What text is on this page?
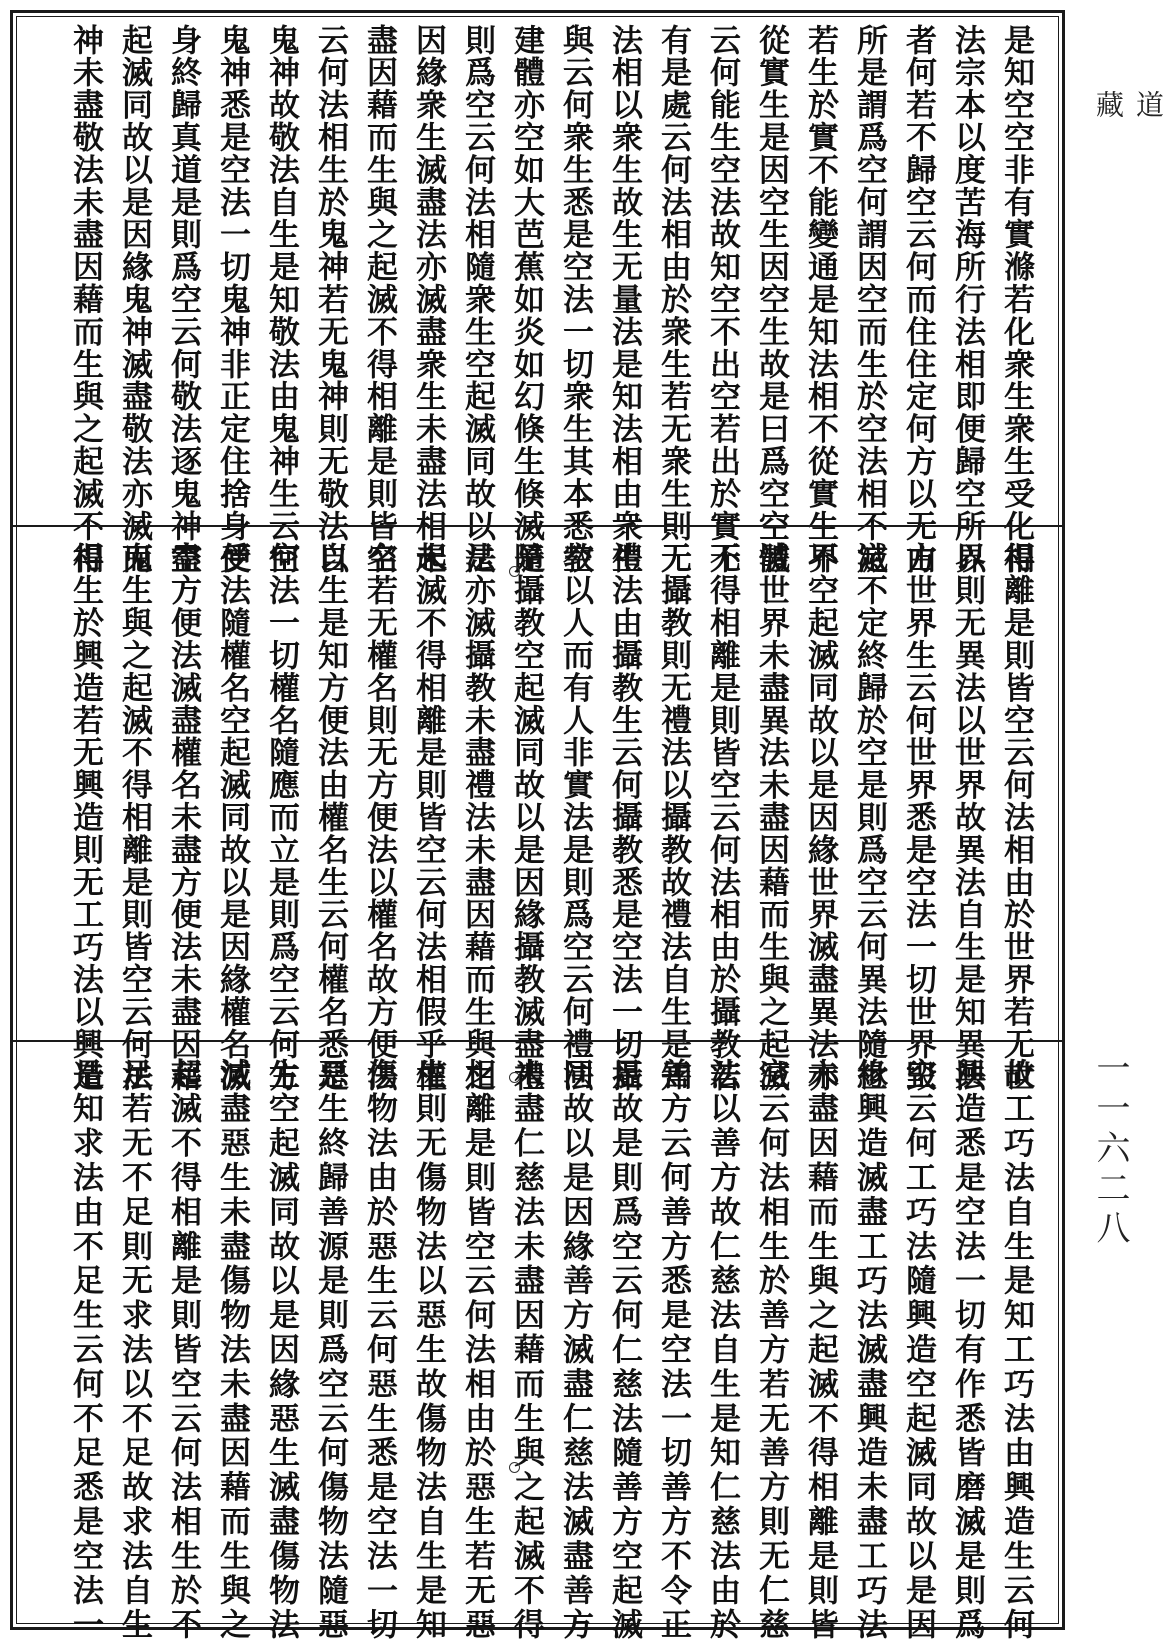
是知空空非有實滌若化衆生衆生受化得
法宗本以度苦海所行法相即便歸空所以
者何若不歸空云何而住住定何方以无方
所是謂爲空何謂因空而生於空法相不定
若生於實不能變通是知法相不從實生不
從實生是因空生因空生故是曰爲空空體
云何能生空法故知空不出空若出於實无
有是處云何法相由於衆生若无衆生則无
法相以衆生故生无量法是知法相由衆生
與云何衆生悉是空法一切衆生其本悉空
建體亦空如大芭蕉如炎如幻倏生倏滅是
則爲空云何法相隨衆生空起滅同故以是
因緣衆生滅盡法亦滅盡衆生未盡法相未
盡因藉而生與之起滅不得相離是則皆空
云何法相生於鬼神若无鬼神則无敬法以
鬼神故敬法自生是知敬法由鬼神生云何
鬼神悉是空法一切鬼神非正定住捨身受
身終歸真道是則爲空云何敬法逐鬼神空
起滅同故以是因緣鬼神滅盡敬法亦滅鬼
神未盡敬法未盡因藉而生與之起滅不得
相離是則皆空云何法相由於世界若无世
界則无異法以世界故異法自生是知異法
由世界生云何世界悉是空法一切世界毀
滅不定終歸於空是則爲空云何異法隨世
界空起滅同故以是因緣世界滅盡異法亦
滅世界未盡異法未盡因藉而生與之起滅
不得相離是則皆空云何法相由於攝教若
无攝教則无禮法以攝教故禮法自生是知
禮法由攝教生云何攝教悉是空法一切攝
教以人而有人非實法是則爲空云何禮法
隨攝教空起滅同故以是因緣攝教滅盡禮
法亦滅攝教未盡禮法未盡因藉而生與之
起滅不得相離是則皆空云何法相假乎權
名若无權名則无方便法以權名故方便法
自生是知方便法由權名生云何權名悉是
空法一切權名隨應而立是則爲空云何方
便法隨權名空起滅同故以是因緣權名滅
盡方便法滅盡權名未盡方便法未盡因藉
而生與之起滅不得相離是則皆空云何法
相生於興造若无興造則无工巧法以興造
故工巧法自生是知工巧法由興造生云何
興造悉是空法一切有作悉皆磨滅是則爲
空云何工巧法隨興造空起滅同故以是因
緣興造滅盡工巧法滅盡興造未盡工巧法
未盡因藉而生與之起滅不得相離是則皆
空云何法相生於善方若无善方則无仁慈
法以善方故仁慈法自生是知仁慈法由於
善方云何善方悉是空法一切善方不令正
足故是則爲空云何仁慈法隨善方空起滅
同故以是因緣善方滅盡仁慈法滅盡善方
未盡仁慈法未盡因藉而生與之起滅不得
相離是則皆空云何法相由於惡生若无惡
生則无傷物法以惡生故傷物法自生是知
傷物法由於惡生云何惡生悉是空法一切
惡生終歸善源是則爲空云何傷物法隨惡
生空起滅同故以是因緣惡生滅盡傷物法
滅盡惡生未盡傷物法未盡因藉而生與之
起滅不得相離是則皆空云何法相生於不
足若无不足則无求法以不足故求法自生
是知求法由不足生云何不足悉是空法一
道 藏
一一六二八
